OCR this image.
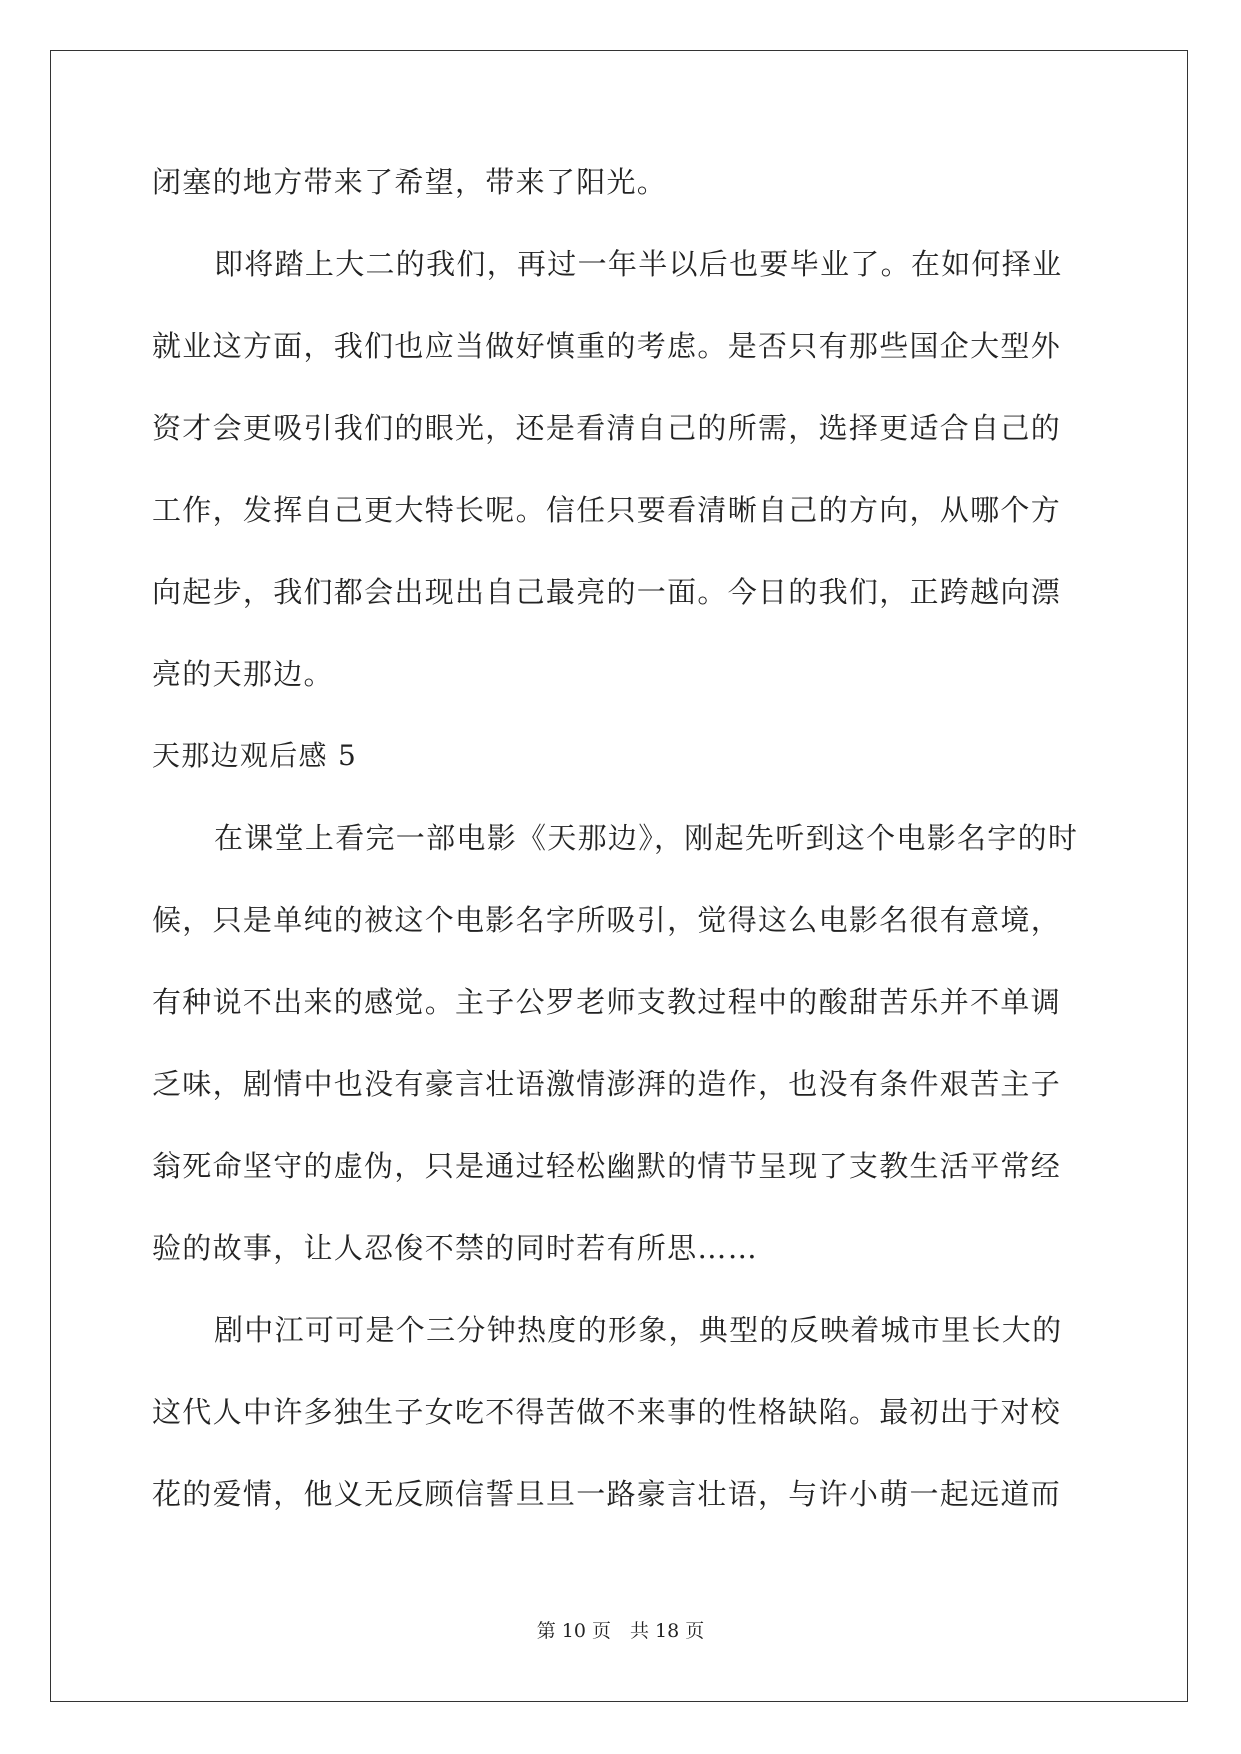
闭塞的地方带来了希望，带来了阳光。
即将踏上大二的我们，再过一年半以后也要毕业了。在如何择业
就业这方面，我们也应当做好慎重的考虑。是否只有那些国企大型外
资才会更吸引我们的眼光，还是看清自己的所需，选择更适合自己的
工作，发挥自己更大特长呢。信任只要看清晰自己的方向，从哪个方
向起步，我们都会出现出自己最亮的一面。今日的我们，正跨越向漂
亮的天那边。
天那边观后感 5
在课堂上看完一部电影《天那边》，刚起先听到这个电影名字的时
候，只是单纯的被这个电影名字所吸引，觉得这么电影名很有意境，
有种说不出来的感觉。主子公罗老师支教过程中的酸甜苦乐并不单调
乏味，剧情中也没有豪言壮语激情澎湃的造作，也没有条件艰苦主子
翁死命坚守的虚伪，只是通过轻松幽默的情节呈现了支教生活平常经
验的故事，让人忍俊不禁的同时若有所思……
剧中江可可是个三分钟热度的形象，典型的反映着城市里长大的
这代人中许多独生子女吃不得苦做不来事的性格缺陷。最初出于对校
花的爱情，他义无反顾信誓旦旦一路豪言壮语，与许小萌一起远道而
第 10 页　共 18 页
